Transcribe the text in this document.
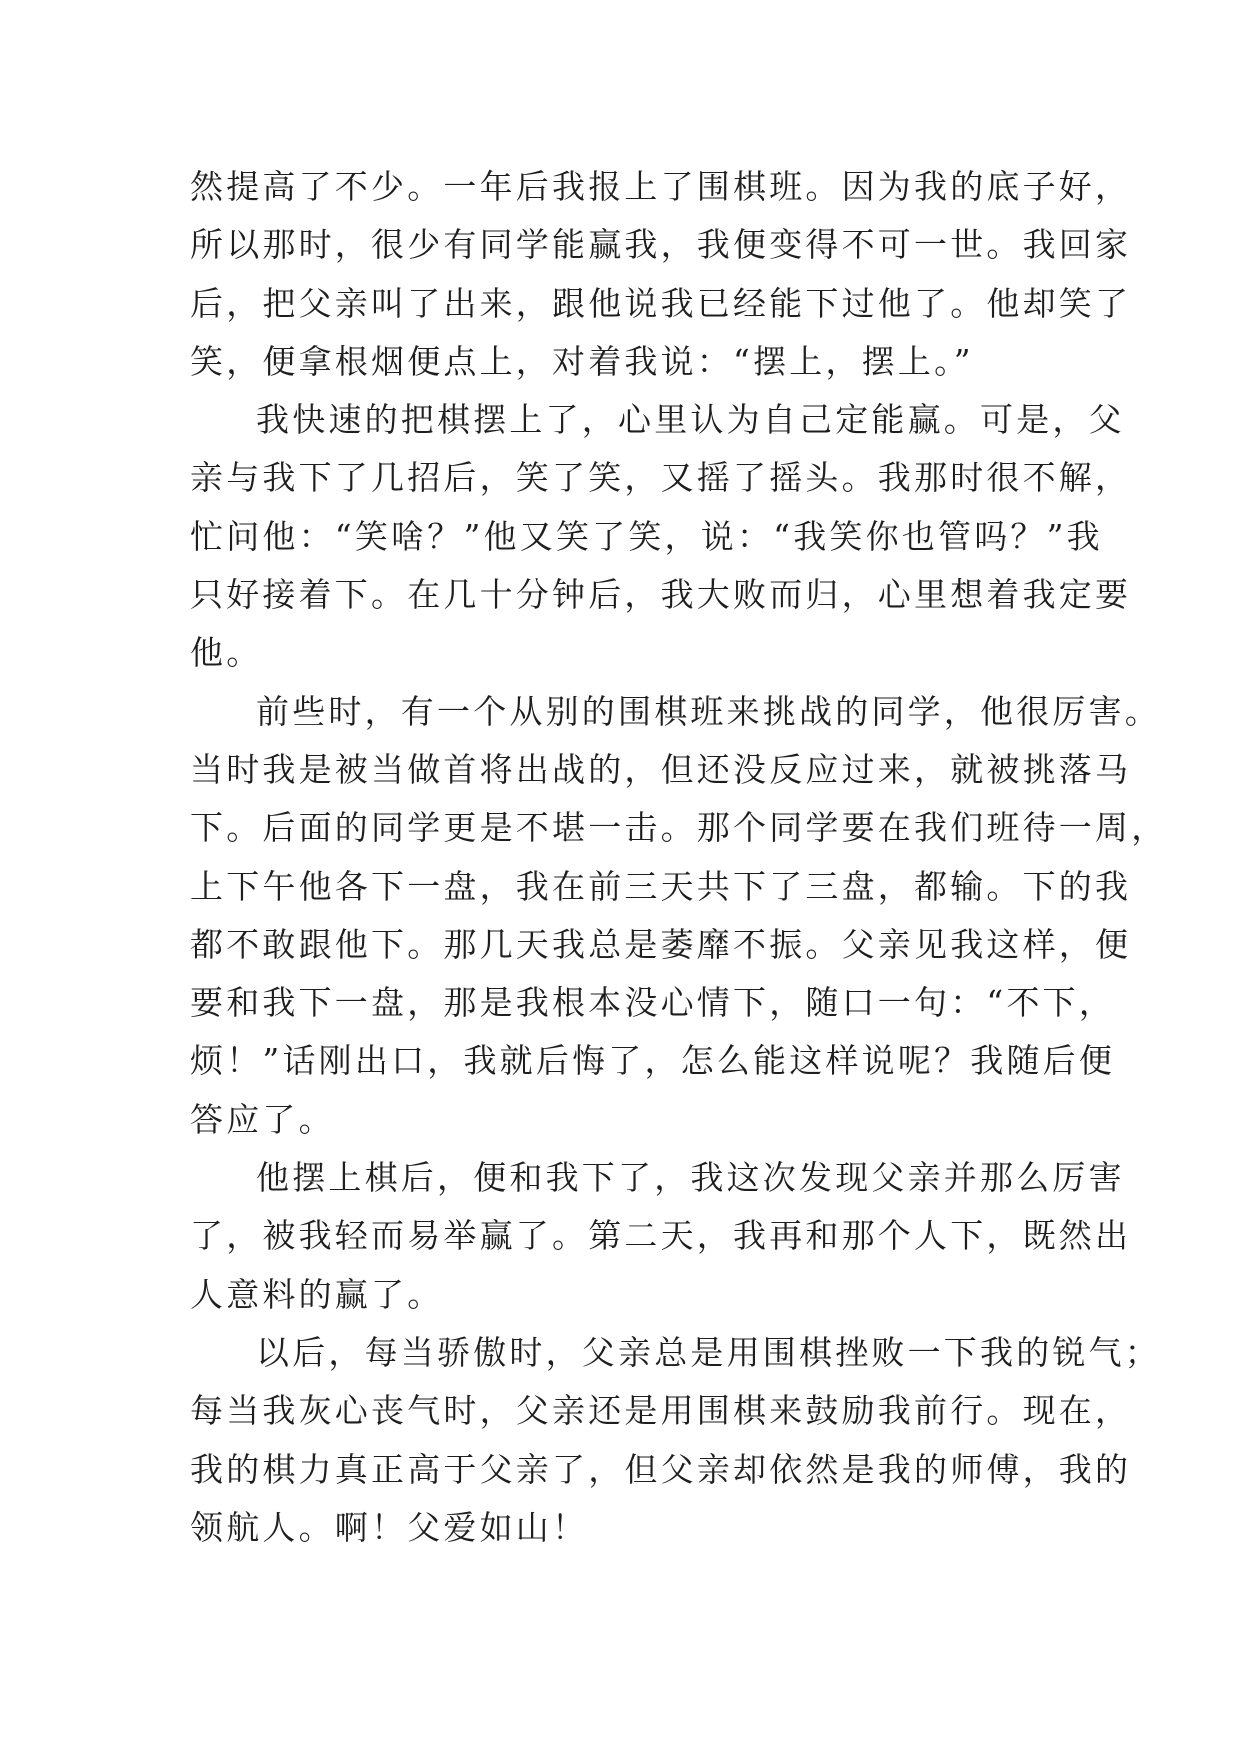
然提高了不少。一年后我报上了围棋班。因为我的底子好，
所以那时，很少有同学能赢我，我便变得不可一世。我回家
后，把父亲叫了出来，跟他说我已经能下过他了。他却笑了
笑，便拿根烟便点上，对着我说：“摆上，摆上。”
我快速的把棋摆上了，心里认为自己定能赢。可是，父
亲与我下了几招后，笑了笑，又摇了摇头。我那时很不解，
忙问他：“笑啥？”他又笑了笑，说：“我笑你也管吗？”我
只好接着下。在几十分钟后，我大败而归，心里想着我定要
他。
前些时，有一个从别的围棋班来挑战的同学，他很厉害。
当时我是被当做首将出战的，但还没反应过来，就被挑落马
下。后面的同学更是不堪一击。那个同学要在我们班待一周，
上下午他各下一盘，我在前三天共下了三盘，都输。下的我
都不敢跟他下。那几天我总是萎靡不振。父亲见我这样，便
要和我下一盘，那是我根本没心情下，随口一句：“不下，
烦！”话刚出口，我就后悔了，怎么能这样说呢？我随后便
答应了。
他摆上棋后，便和我下了，我这次发现父亲并那么厉害
了，被我轻而易举赢了。第二天，我再和那个人下，既然出
人意料的赢了。
以后，每当骄傲时，父亲总是用围棋挫败一下我的锐气；
每当我灰心丧气时，父亲还是用围棋来鼓励我前行。现在，
我的棋力真正高于父亲了，但父亲却依然是我的师傅，我的
领航人。啊！父爱如山！
